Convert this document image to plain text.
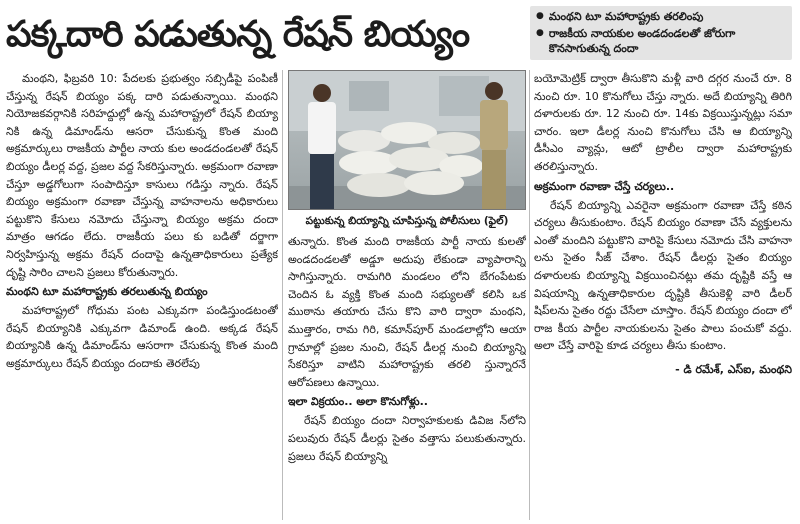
పక్కదారి పడుతున్న రేషన్ బియ్యం	● మంథని టూ మహారాష్ట్రకు తరలింపు
● రాజకీయ నాయకుల అండదండలతో జోరుగా కొనసాగుతున్న దందా

మంథని, ఫిబ్రవరి 10: పేదలకు ప్రభుత్వం సబ్సిడీపై పంపిణీ చేస్తున్న రేషన్ బియ్యం పక్క దారి పడుతున్నాయి. మంథని నియోజకవర్గానికి సరిహద్దుల్లో ఉన్న మహారాష్ట్రలో రేషన్ బియ్యా నికి ఉన్న డిమాండ్‌ను ఆసరా చేసుకున్న కొంత మంది అక్రమార్కులు రాజకీయ పార్టీల నాయ కుల అండదండలతో రేషన్ బియ్యం డీలర్ల వద్ద, ప్రజల వద్ద సేకరిస్తున్నారు. అక్రమంగా రవాణా చేస్తూ అడ్డగోలుగా సంపాదిస్తూ కాసులు గడిస్తు న్నారు. రేషన్ బియ్యం అక్రమంగా రవాణా చేస్తున్న వాహనాలను అధికారులు పట్టుకొని కేసులు నమోదు చేస్తున్నా బియ్యం అక్రమ దందా మాత్రం ఆగడం లేదు. రాజకీయ పలు కు బడితో దర్జాగా నిర్వహిస్తున్న అక్రమ రేషన్ దందాపై ఉన్నతాధికారులు ప్రత్యేక దృష్టి సారిం చాలని ప్రజలు కోరుతున్నారు.

మంథని టూ మహారాష్ట్రకు తరలుతున్న బియ్యం

మహారాష్ట్రలో గోధుమ పంట ఎక్కువగా పండిస్తుండటంతో రేషన్ బియ్యానికి ఎక్కువగా డిమాండ్ ఉంది. అక్కడ రేషన్ బియ్యానికి ఉన్న డిమాండ్‌ను ఆసరాగా చేసుకున్న కొంత మంది అక్రమార్కులు రేషన్ బియ్యం దందాకు తెరలేపు

పట్టుకున్న బియ్యాన్ని చూపిస్తున్న పోలీసులు (ఫైల్)

తున్నారు. కొంత మంది రాజకీయ పార్టీ నాయ కులతో అండదండలతో అడ్డూ అదుపు లేకుండా వ్యాపారాన్ని సాగిస్తున్నారు. రామగిరి మండలం లోని బేగంపేటకు చెందిన ఓ వ్యక్తి కొంత మంది సభ్యులతో కలిసి ఒక ముఠాను తయారు చేసు కొని వారి ద్వారా మంథని, ముత్తారం, రామ గిరి, కమాన్‌పూర్ మండలాల్లోని ఆయా గ్రామాల్లో ప్రజల నుంచి, రేషన్ డీలర్ల నుంచి బియ్యాన్ని సేకరిస్తూ వాటిని మహారాష్ట్రకు తరలి స్తున్నారనే ఆరోపణలు ఉన్నాయి.

ఇలా విక్రయం.. అలా కొనుగోళ్లు..

రేషన్ బియ్యం దందా నిర్వాహకులకు డివిజ న్‌లోని పలువురు రేషన్ డీలర్లు సైతం వత్తాసు పలుకుతున్నారు. ప్రజలు రేషన్ బియ్యాన్ని

బయోమెట్రిక్ ద్వారా తీసుకొని మళ్లీ వారి దగ్గర నుంచే రూ. 8 నుంచి రూ. 10 కొనుగోలు చేస్తు న్నారు. అదే బియ్యాన్ని తిరిగి దళారులకు రూ. 12 నుంచి రూ. 14కు విక్రయిస్తున్నట్లు సమా చారం. ఇలా డీలర్ల నుంచి కొనుగోలు చేసి ఆ బియ్యాన్ని డీసీఎం వ్యాన్లు, ఆటో ట్రాలీల ద్వారా మహారాష్ట్రకు తరలిస్తున్నారు.

అక్రమంగా రవాణా చేస్తే చర్యలు..

రేషన్ బియ్యాన్ని ఎవరైనా అక్రమంగా రవాణా చేస్తే కఠిన చర్యలు తీసుకుంటాం. రేషన్ బియ్యం రవాణా చేసే వ్యక్తులను ఎంతో మందిని పట్టుకొని వారిపై కేసులు నమోదు చేసి వాహనా లను సైతం సీజ్ చేశాం. రేషన్ డీలర్లు సైతం బియ్యం దళారులకు బియ్యాన్ని విక్రయించినట్లు తమ దృష్టికి వస్తే ఆ విషయాన్ని ఉన్నతాధికారుల దృష్టికి తీసుకెళ్లి వారి డీలర్ షిప్‌లను సైతం రద్దు చేసేలా చూస్తాం. రేషన్ బియ్యం దందా లో రాజ కీయ పార్టీల నాయకులను సైతం పాలు పంచుకో వద్దు. అలా చేస్తే వారిపై కూడ చర్యలు తీసు కుంటాం.

- డి రమేశ్, ఎస్ఐ, మంథని
